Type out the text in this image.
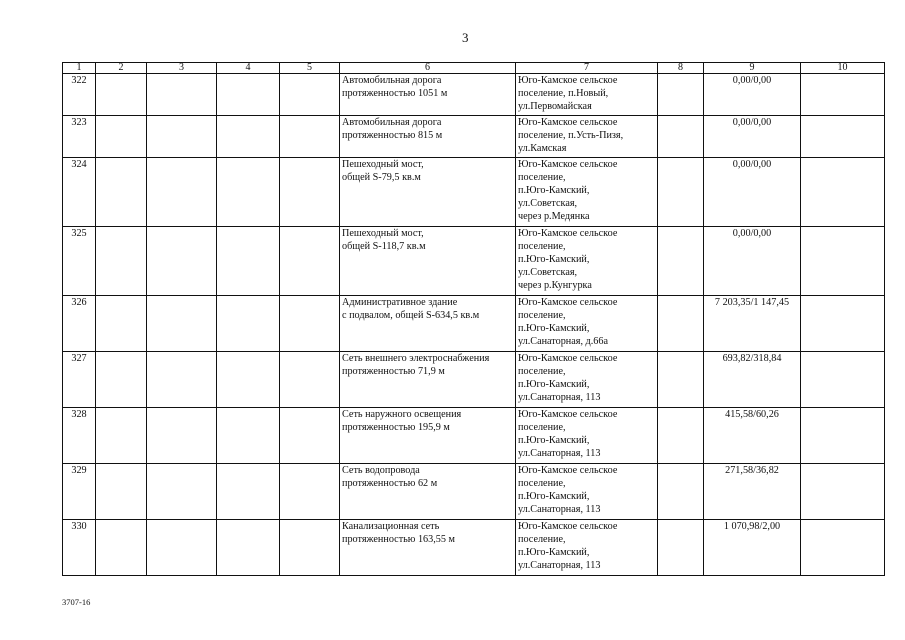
3
1	2	3	4	5	6	7	8	9	10
322					Автомобильная дорога
протяженностью 1051 м	Юго-Камское сельское
поселение, п.Новый,
ул.Первомайская		0,00/0,00	
323					Автомобильная дорога
протяженностью 815 м	Юго-Камское сельское
поселение, п.Усть-Пизя,
ул.Камская		0,00/0,00	
324					Пешеходный мост,
общей S-79,5 кв.м	Юго-Камское сельское
поселение,
п.Юго-Камский,
ул.Советская,
через р.Медянка		0,00/0,00	
325					Пешеходный мост,
общей S-118,7 кв.м	Юго-Камское сельское
поселение,
п.Юго-Камский,
ул.Советская,
через р.Кунгурка		0,00/0,00	
326					Административное здание
с подвалом, общей S-634,5 кв.м	Юго-Камское сельское
поселение,
п.Юго-Камский,
ул.Санаторная, д.66а		7 203,35/1 147,45	
327					Сеть внешнего электроснабжения
протяженностью 71,9 м	Юго-Камское сельское
поселение,
п.Юго-Камский,
ул.Санаторная, 113		693,82/318,84	
328					Сеть наружного освещения
протяженностью 195,9 м	Юго-Камское сельское
поселение,
п.Юго-Камский,
ул.Санаторная, 113		415,58/60,26	
329					Сеть водопровода
протяженностью 62 м	Юго-Камское сельское
поселение,
п.Юго-Камский,
ул.Санаторная, 113		271,58/36,82	
330					Канализационная сеть
протяженностью 163,55 м	Юго-Камское сельское
поселение,
п.Юго-Камский,
ул.Санаторная, 113		1 070,98/2,00	
3707-16
